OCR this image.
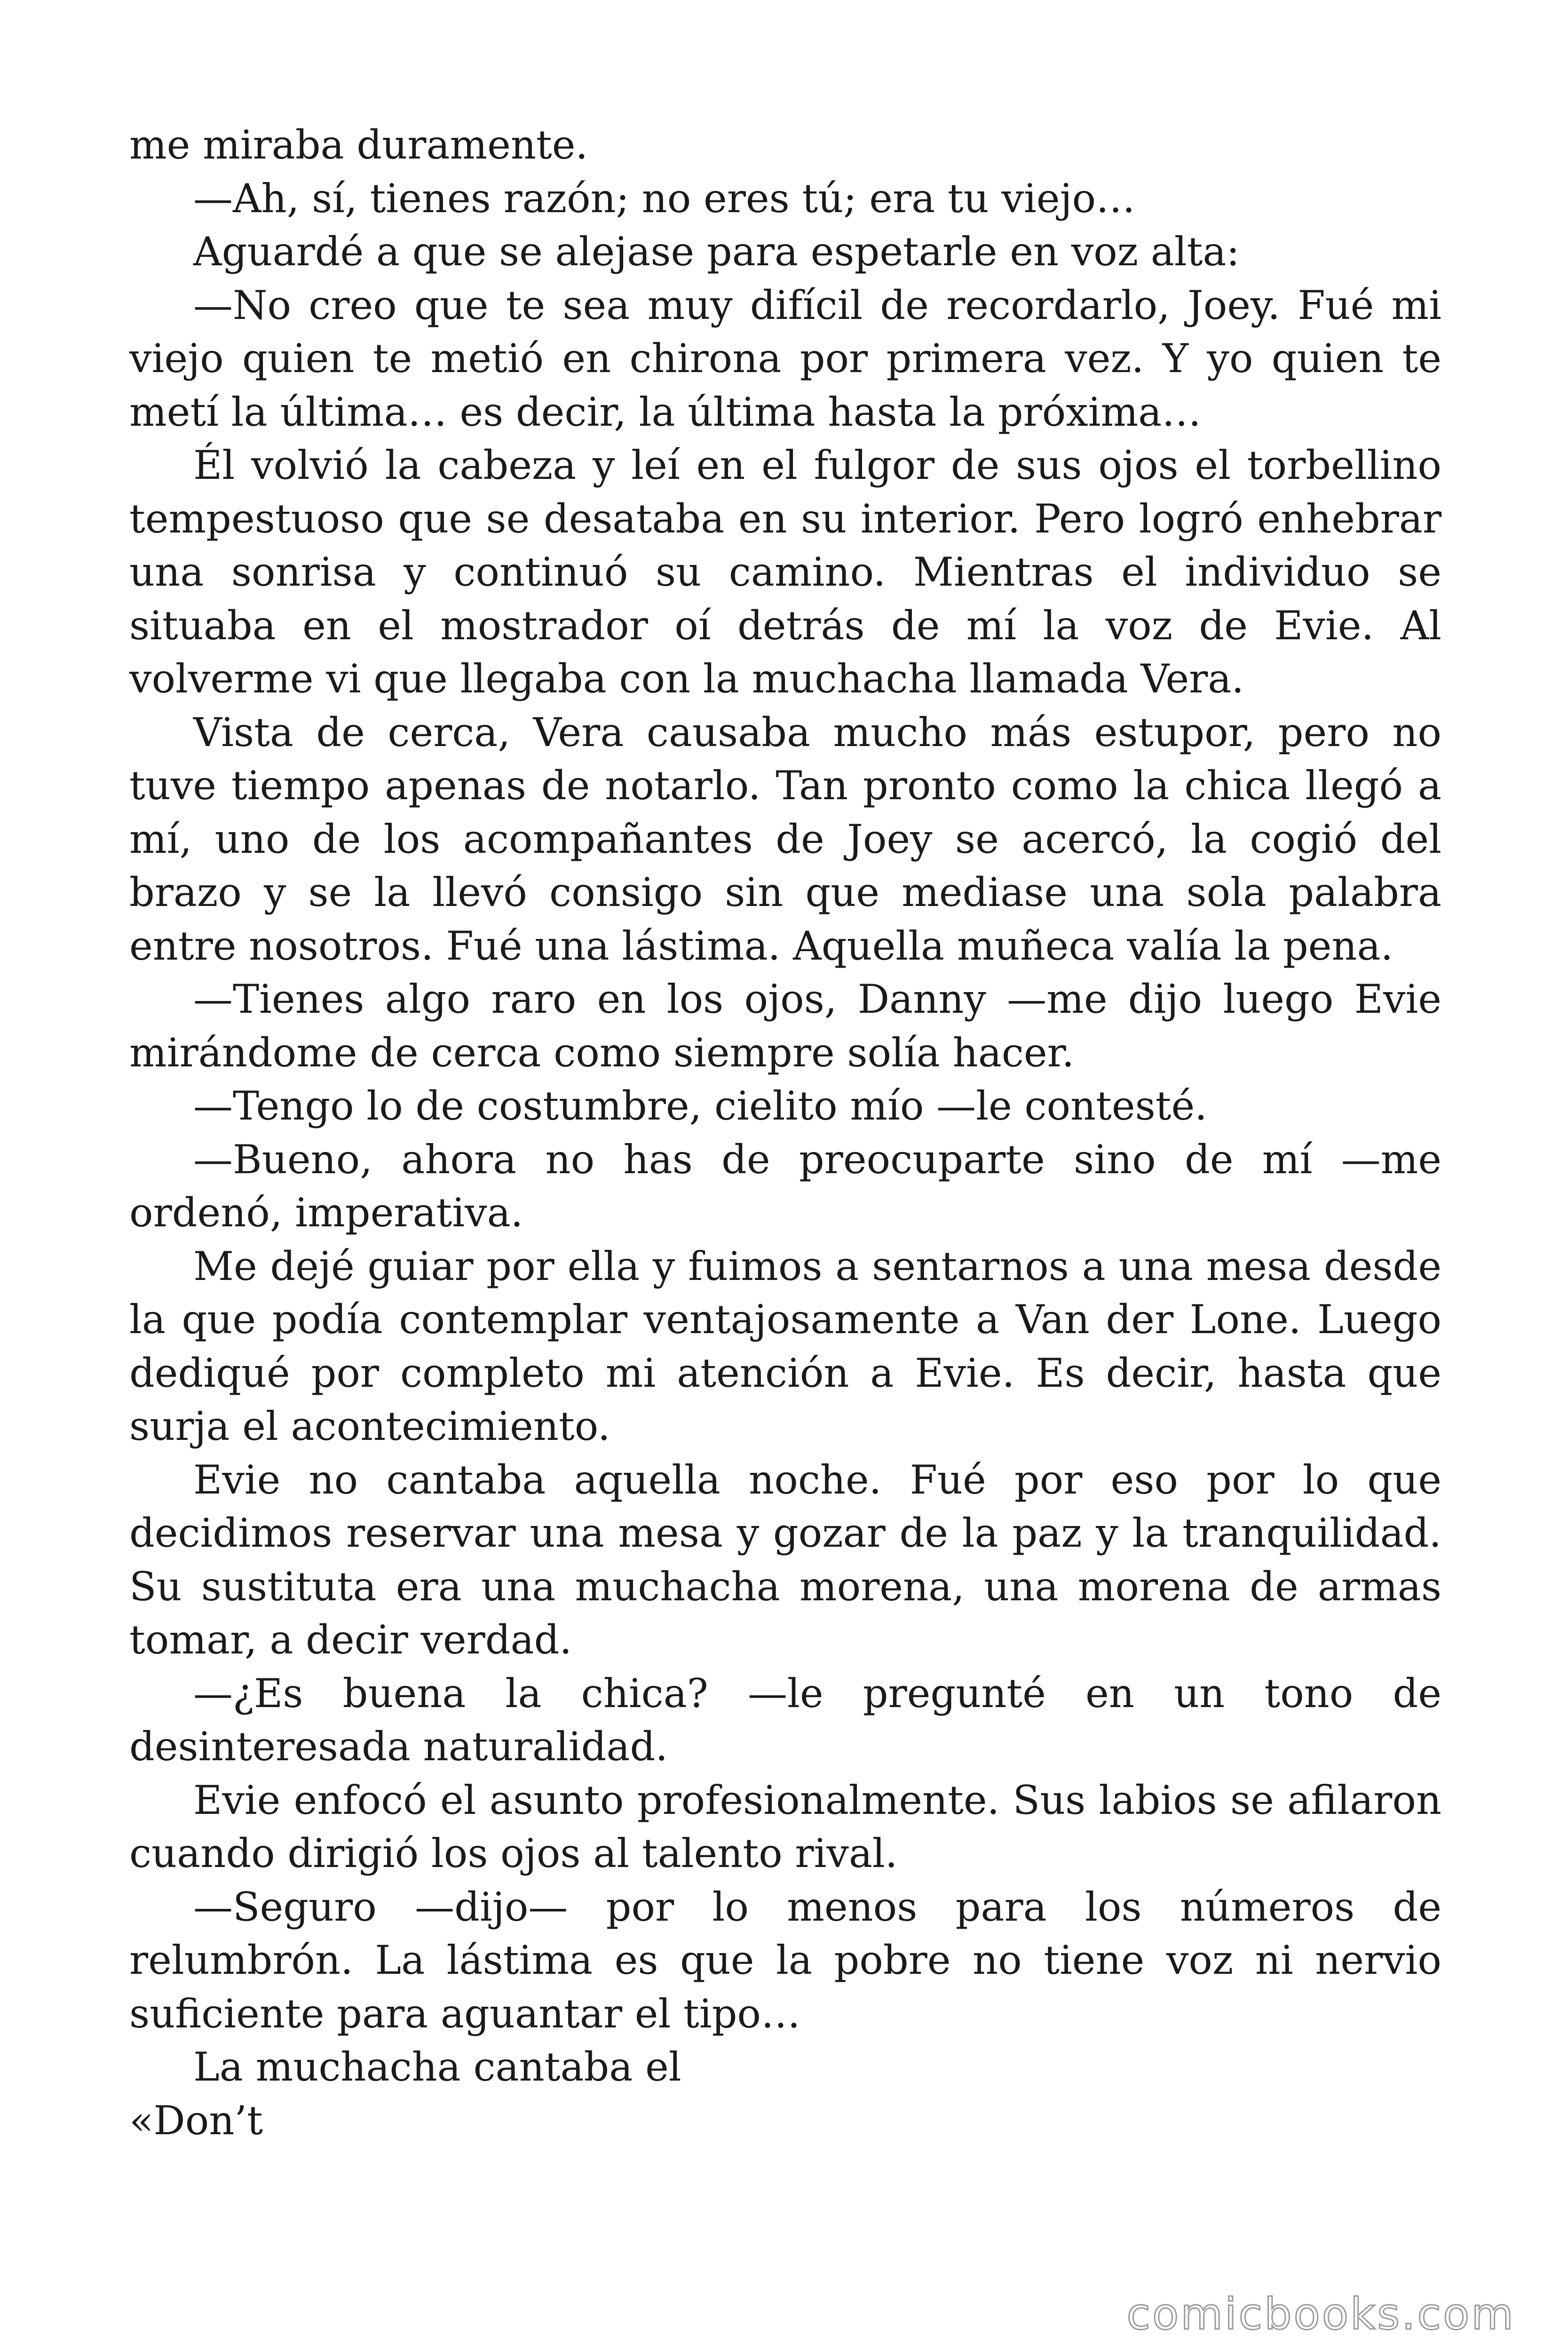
me miraba duramente.

—Ah, sí, tienes razón; no eres tú; era tu viejo…

Aguardé a que se alejase para espetarle en voz alta:

—No creo que te sea muy difícil de recordarlo, Joey. Fué mi viejo quien te metió en chirona por primera vez. Y yo quien te metí la última… es decir, la última hasta la próxima…

Él volvió la cabeza y leí en el fulgor de sus ojos el torbellino tempestuoso que se desataba en su interior. Pero logró enhebrar una sonrisa y continuó su camino. Mientras el individuo se situaba en el mostrador oí detrás de mí la voz de Evie. Al volverme vi que llegaba con la muchacha llamada Vera.

Vista de cerca, Vera causaba mucho más estupor, pero no tuve tiempo apenas de notarlo. Tan pronto como la chica llegó a mí, uno de los acompañantes de Joey se acercó, la cogió del brazo y se la llevó consigo sin que mediase una sola palabra entre nosotros. Fué una lástima. Aquella muñeca valía la pena.

—Tienes algo raro en los ojos, Danny —me dijo luego Evie mirándome de cerca como siempre solía hacer.

—Tengo lo de costumbre, cielito mío —le contesté.

—Bueno, ahora no has de preocuparte sino de mí —me ordenó, imperativa.

Me dejé guiar por ella y fuimos a sentarnos a una mesa desde la que podía contemplar ventajosamente a Van der Lone. Luego dediqué por completo mi atención a Evie. Es decir, hasta que surja el acontecimiento.

Evie no cantaba aquella noche. Fué por eso por lo que decidimos reservar una mesa y gozar de la paz y la tranquilidad. Su sustituta era una muchacha morena, una morena de armas tomar, a decir verdad.

—¿Es buena la chica? —le pregunté en un tono de desinteresada naturalidad.

Evie enfocó el asunto profesionalmente. Sus labios se afilaron cuando dirigió los ojos al talento rival.

—Seguro —dijo— por lo menos para los números de relumbrón. La lástima es que la pobre no tiene voz ni nervio suficiente para aguantar el tipo…

La muchacha cantaba el

«Don’t

comicbooks.com
